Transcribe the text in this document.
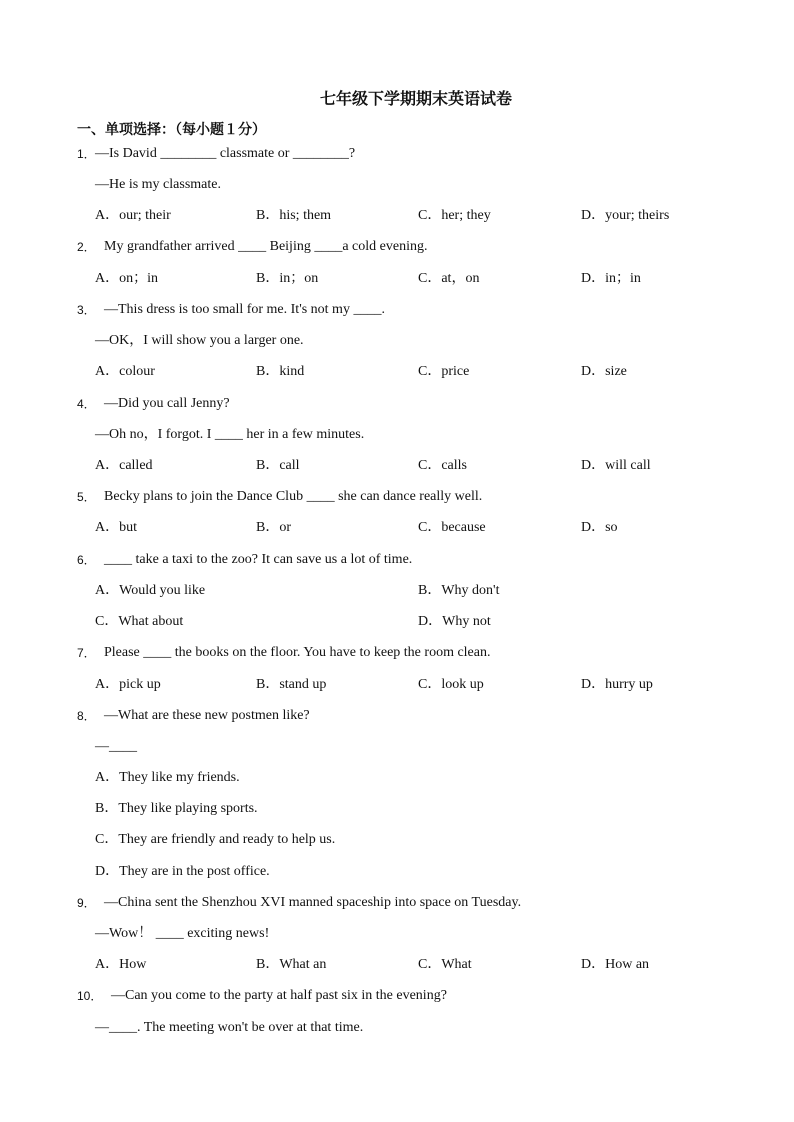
七年级下学期期末英语试卷
一、单项选择：（每小题１分）
1． —Is David ________ classmate or ________?
—He is my classmate.
A．our; their	B．his; them	C．her; they	D．your; theirs
2． My grandfather arrived ____ Beijing ____a cold evening.
A．on；in	B．in；on	C．at，on	D．in；in
3． —This dress is too small for me. It's not my ____.
—OK，I will show you a larger one.
A．colour	B．kind	C．price	D．size
4． —Did you call Jenny?
—Oh no，I forgot. I ____ her in a few minutes.
A．called	B．call	C．calls	D．will call
5． Becky plans to join the Dance Club ____ she can dance really well.
A．but	B．or	C．because	D．so
6． ____ take a taxi to the zoo? It can save us a lot of time.
A．Would you like	B．Why don't
C．What about	D．Why not
7． Please ____ the books on the floor. You have to keep the room clean.
A．pick up	B．stand up	C．look up	D．hurry up
8． —What are these new postmen like?
—____
A．They like my friends.
B．They like playing sports.
C．They are friendly and ready to help us.
D．They are in the post office.
9． —China sent the Shenzhou XVI manned spaceship into space on Tuesday.
—Wow！ ____ exciting news!
A．How	B．What an	C．What	D．How an
10． —Can you come to the party at half past six in the evening?
—____. The meeting won't be over at that time.
